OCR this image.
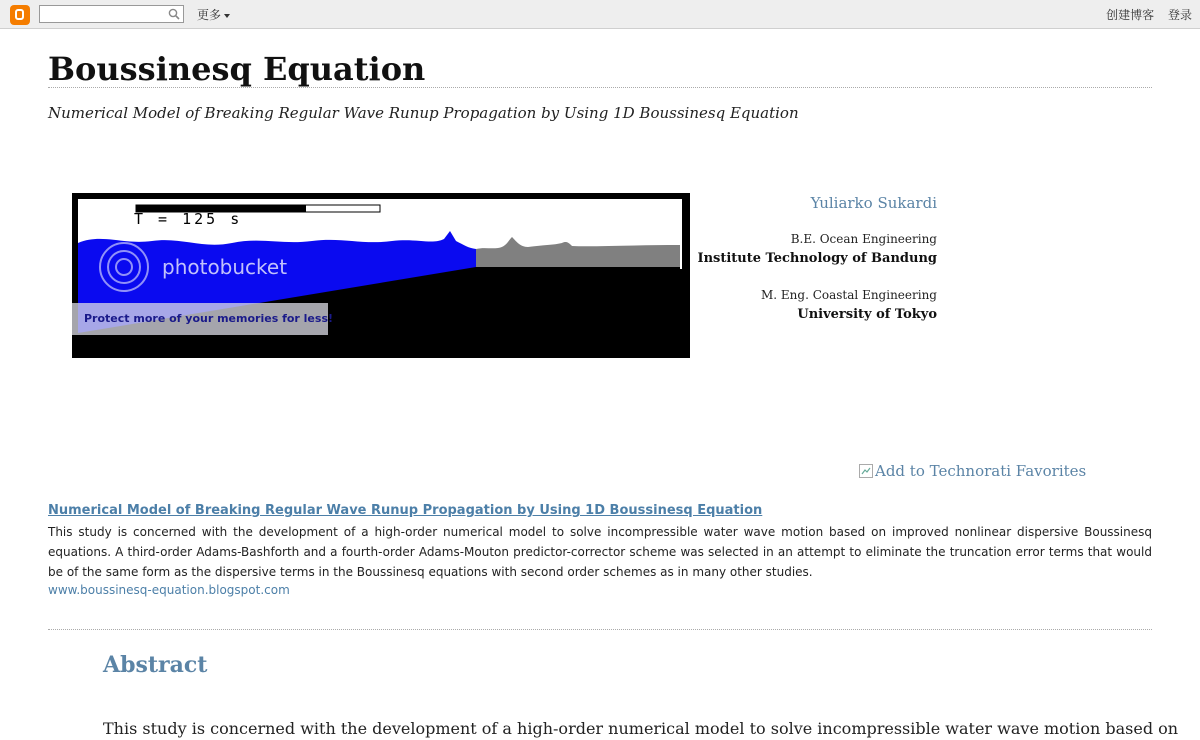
更多	创建博客 登录
Boussinesq Equation
Numerical Model of Breaking Regular Wave Runup Propagation by Using 1D Boussinesq Equation
T = 125 s
photobucket
Protect more of your memories for less!
Yuliarko Sukardi
B.E. Ocean Engineering
Institute Technology of Bandung
M. Eng. Coastal Engineering
University of Tokyo
Add to Technorati Favorites
Numerical Model of Breaking Regular Wave Runup Propagation by Using 1D Boussinesq Equation

This study is concerned with the development of a high-order numerical model to solve incompressible water wave motion based on improved nonlinear dispersive Boussinesq equations. A third-order Adams-Bashforth and a fourth-order Adams-Mouton predictor-corrector scheme was selected in an attempt to eliminate the truncation error terms that would be of the same form as the dispersive terms in the Boussinesq equations with second order schemes as in many other studies.

www.boussinesq-equation.blogspot.com
Abstract

This study is concerned with the development of a high-order numerical model to solve incompressible water wave motion based on
